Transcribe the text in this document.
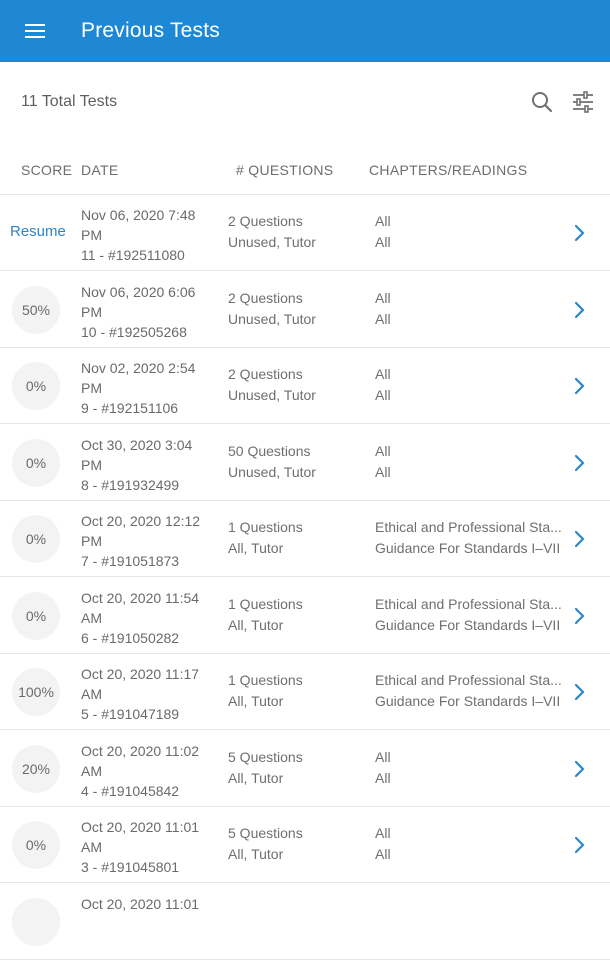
Previous Tests
11 Total Tests
SCORE DATE	# QUESTIONS	CHAPTERS/READINGS
Resume
Nov 06, 2020 7:48 PM
11 - #192511080
2 Questions
Unused, Tutor
All
All
50%
Nov 06, 2020 6:06 PM
10 - #192505268
2 Questions
Unused, Tutor
All
All
0%
Nov 02, 2020 2:54 PM
9 - #192151106
2 Questions
Unused, Tutor
All
All
0%
Oct 30, 2020 3:04 PM
8 - #191932499
50 Questions
Unused, Tutor
All
All
0%
Oct 20, 2020 12:12 PM
7 - #191051873
1 Questions
All, Tutor
Ethical and Professional Sta...
Guidance For Standards I–VII
0%
Oct 20, 2020 11:54 AM
6 - #191050282
1 Questions
All, Tutor
Ethical and Professional Sta...
Guidance For Standards I–VII
100%
Oct 20, 2020 11:17 AM
5 - #191047189
1 Questions
All, Tutor
Ethical and Professional Sta...
Guidance For Standards I–VII
20%
Oct 20, 2020 11:02 AM
4 - #191045842
5 Questions
All, Tutor
All
All
0%
Oct 20, 2020 11:01 AM
3 - #191045801
5 Questions
All, Tutor
All
All
Oct 20, 2020 11:01
